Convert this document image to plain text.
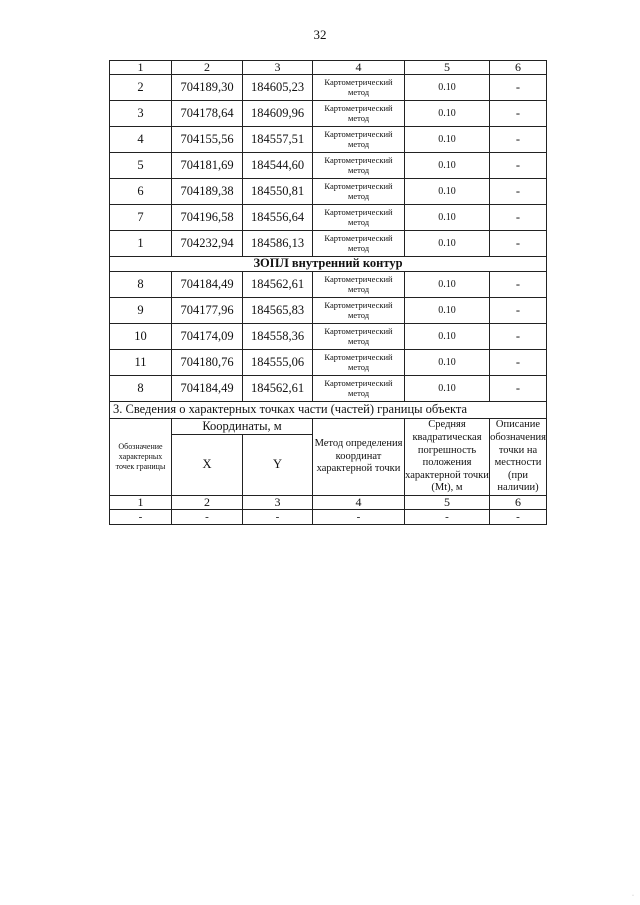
32
1	2	3	4	5	6
2	704189,30	184605,23	Картометрический метод	0.10	-
3	704178,64	184609,96	Картометрический метод	0.10	-
4	704155,56	184557,51	Картометрический метод	0.10	-
5	704181,69	184544,60	Картометрический метод	0.10	-
6	704189,38	184550,81	Картометрический метод	0.10	-
7	704196,58	184556,64	Картометрический метод	0.10	-
1	704232,94	184586,13	Картометрический метод	0.10	-
ЗОПЛ внутренний контур					
8	704184,49	184562,61	Картометрический метод	0.10	-
9	704177,96	184565,83	Картометрический метод	0.10	-
10	704174,09	184558,36	Картометрический метод	0.10	-
11	704180,76	184555,06	Картометрический метод	0.10	-
8	704184,49	184562,61	Картометрический метод	0.10	-
3. Сведения о характерных точках части (частей) границы объекта					
Обозначение характерных точек границы	Координаты, м		Метод определения координат характерной точки	Средняя квадратическая погрешность положения характерной точки (Mt), м	Описание обозначения точки на местности (при наличии)
	X	Y			
1	2	3	4	5	6
-	-	-	-	-	-
·
